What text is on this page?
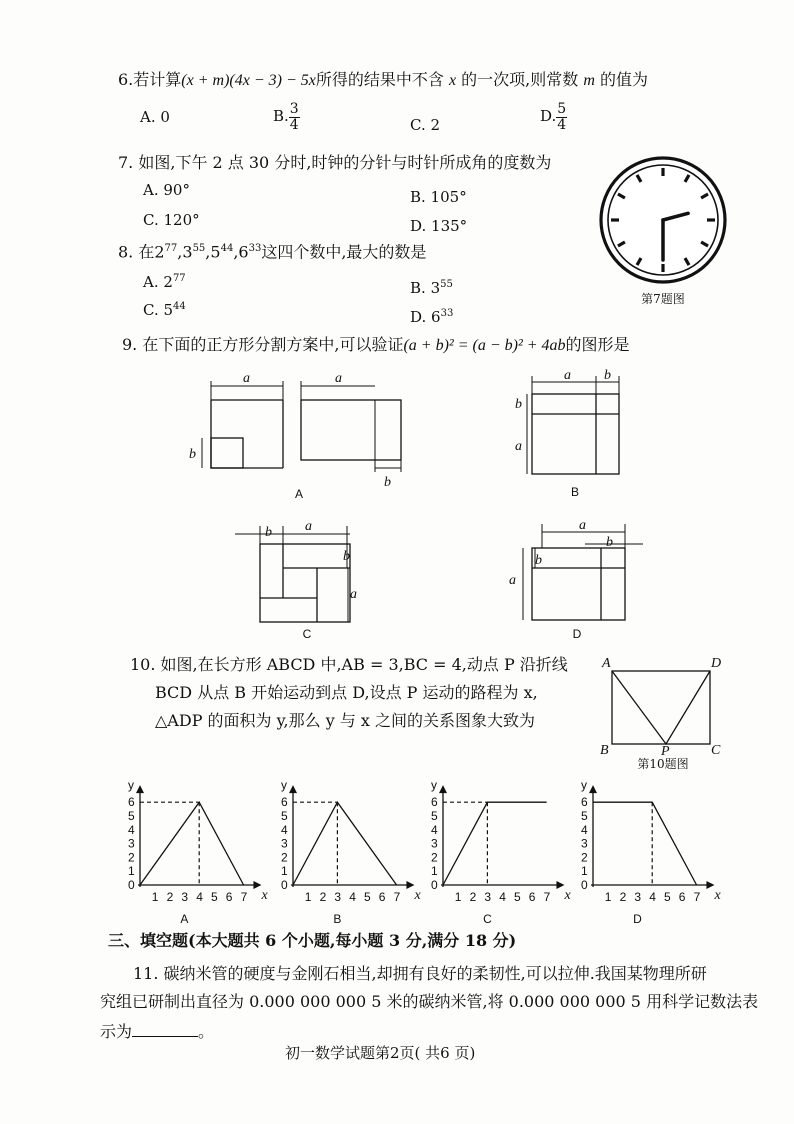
6.若计算(x + m)(4x − 3) − 5x所得的结果中不含 x 的一次项,则常数 m 的值为
A. 0	B. $\frac{3}{4}$	C. 2	D. $\frac{5}{4}$
7. 如图,下午 2 点 30 分时,时钟的分针与时针所成角的度数为
A. 90°	B. 105°
C. 120°	D. 135°
第7题图
8. 在$2^{77},3^{55},5^{44},6^{33}$这四个数中,最大的数是
A. $2^{77}$
B. $3^{55}$
C. $5^{44}$
D. $6^{33}$
9. 在下面的正方形分割方案中,可以验证(a + b)² = (a − b)² + 4ab的图形是
a
b
a
b
A
a b
b
a
B
b a
b
a
C
a
b
b
a
D
10. 如图,在长方形 ABCD 中,AB = 3,BC = 4,动点 P 沿折线
BCD 从点 B 开始运动到点 D,设点 P 运动的路程为 x,
△ADP 的面积为 y,那么 y 与 x 之间的关系图象大致为
A	D
B	P	C
第10题图
y
x
0
1
2
3
4
5
6
1 2 3 4 5 6 7
A
y
x
0
1
2
3
4
5
6
1 2 3 4 5 6 7
B
y
x
0
1
2
3
4
5
6
1 2 3 4 5 6 7
C
y
x
0
1
2
3
4
5
6
1 2 3 4 5 6 7
D
三、填空题(本大题共 6 个小题,每小题 3 分,满分 18 分)
11. 碳纳米管的硬度与金刚石相当,却拥有良好的柔韧性,可以拉伸.我国某物理所研
究组已研制出直径为 0.000 000 000 5 米的碳纳米管,将 0.000 000 000 5 用科学记数法表
示为	。
初一数学试题第2页( 共6 页)
